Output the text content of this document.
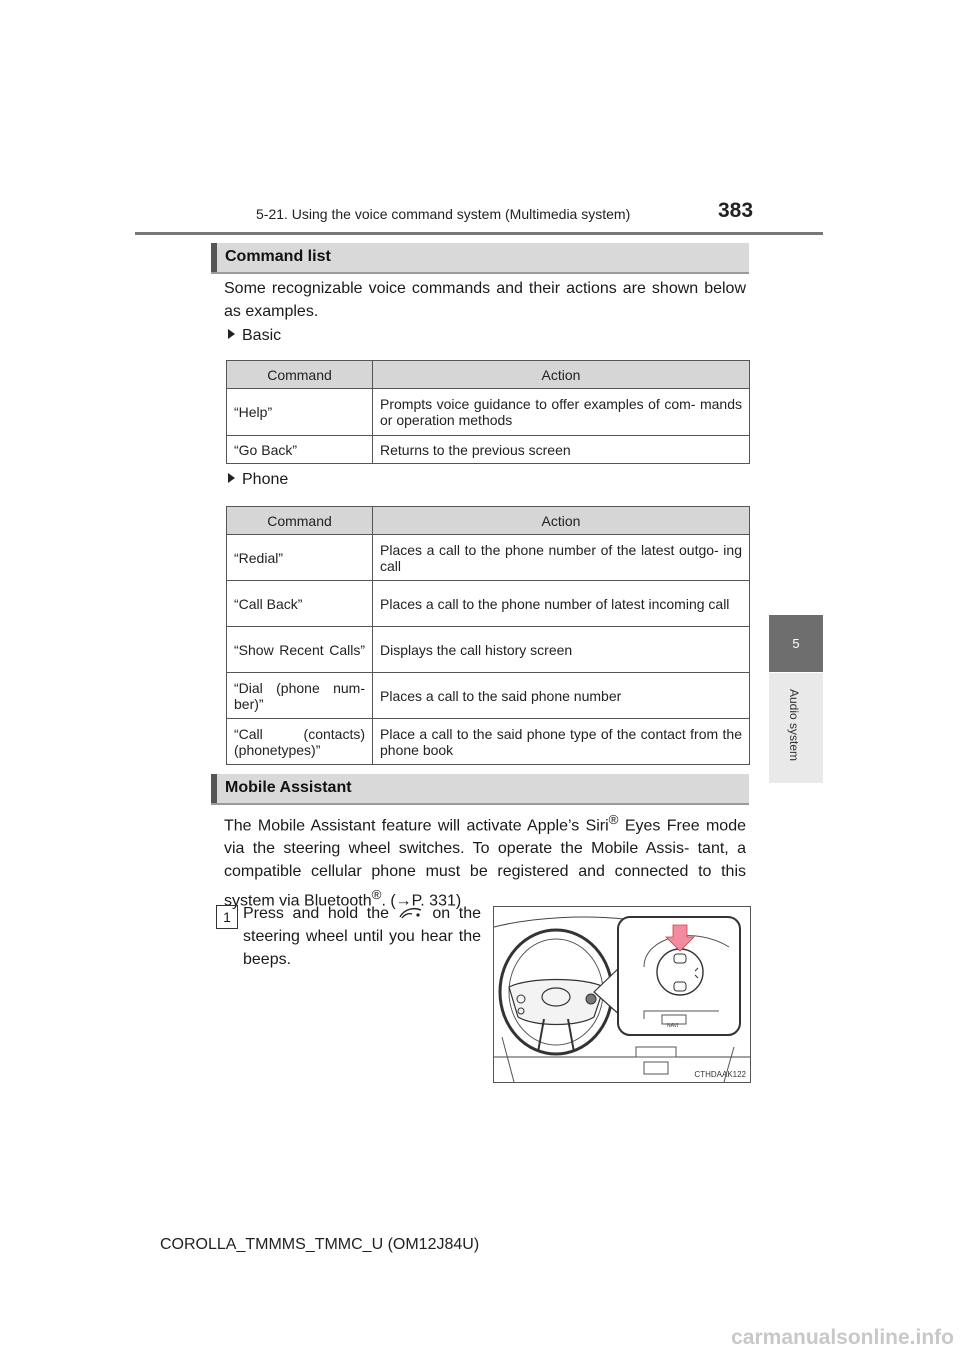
5-21. Using the voice command system (Multimedia system)	383
5
Audio system
Command list
Some recognizable voice commands and their actions are shown below as examples.
Basic
Command	Action
“Help”	Prompts voice guidance to offer examples of com- mands or operation methods
“Go Back”	Returns to the previous screen
Phone
Command	Action
“Redial”	Places a call to the phone number of the latest outgo- ing call
“Call Back”	Places a call to the phone number of latest incoming call
“Show Recent Calls”	Displays the call history screen
“Dial (phone num- ber)”	Places a call to the said phone number
“Call (contacts) (phonetypes)”	Place a call to the said phone type of the contact from the phone book
Mobile Assistant
The Mobile Assistant feature will activate Apple’s Siri® Eyes Free mode via the steering wheel switches. To operate the Mobile Assis- tant, a compatible cellular phone must be registered and connected to this system via Bluetooth®. (→P. 331)
1 Press and hold the	on the steering wheel until you hear the beeps.
NAVI
CTHDAAK122
COROLLA_TMMMS_TMMC_U (OM12J84U)
carmanualsonline.info
